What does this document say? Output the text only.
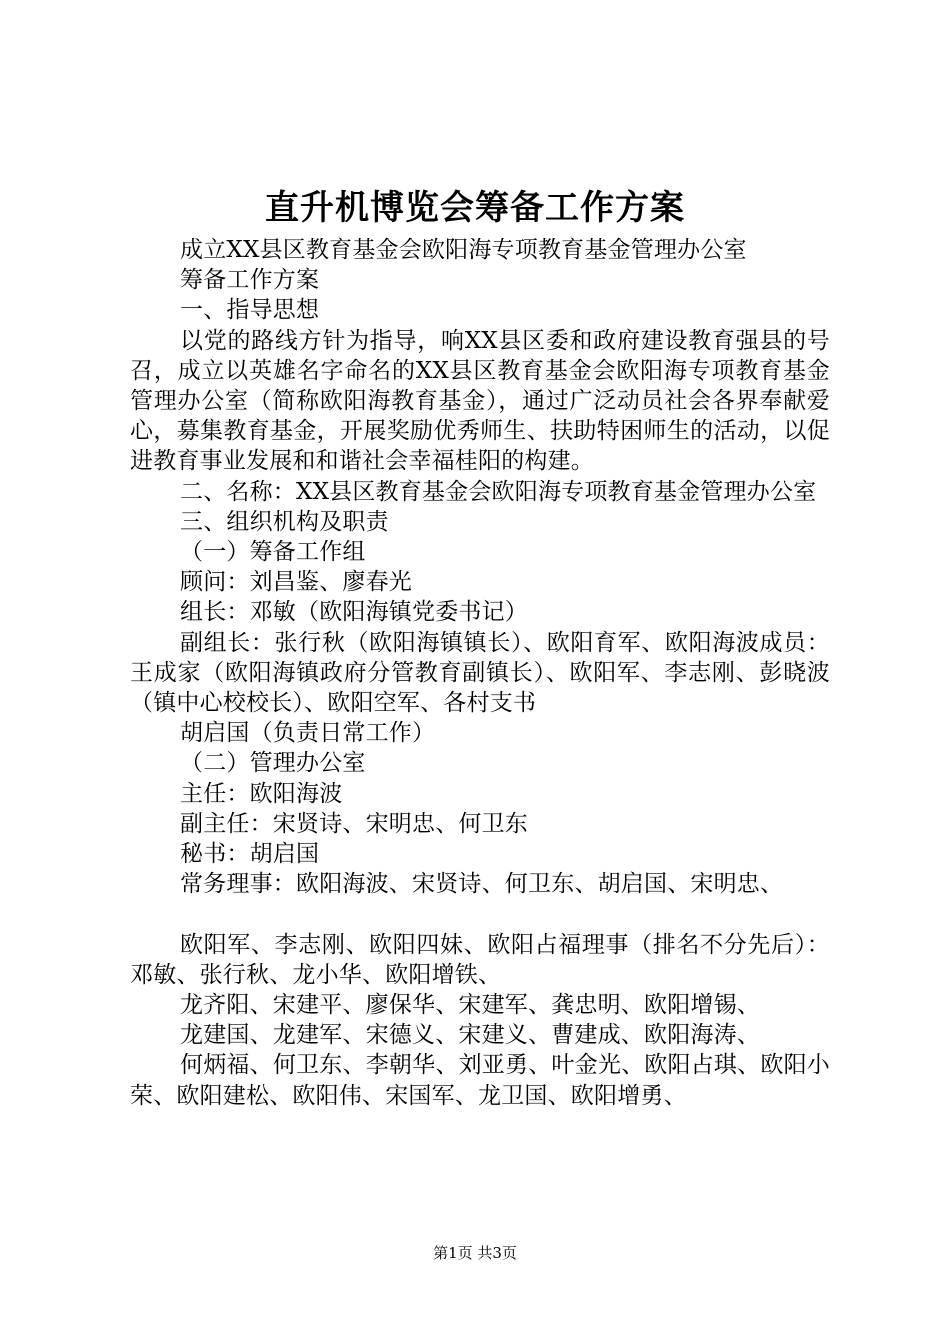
直升机博览会筹备工作方案

成立XX县区教育基金会欧阳海专项教育基金管理办公室

筹备工作方案

一、指导思想

以党的路线方针为指导，响XX县区委和政府建设教育强县的号召，成立以英雄名字命名的XX县区教育基金会欧阳海专项教育基金管理办公室（简称欧阳海教育基金），通过广泛动员社会各界奉献爱心，募集教育基金，开展奖励优秀师生、扶助特困师生的活动，以促进教育事业发展和和谐社会幸福桂阳的构建。

二、名称：XX县区教育基金会欧阳海专项教育基金管理办公室

三、组织机构及职责

（一）筹备工作组

顾问：刘昌鉴、廖春光

组长：邓敏（欧阳海镇党委书记）

副组长：张行秋（欧阳海镇镇长）、欧阳育军、欧阳海波成员：王成家（欧阳海镇政府分管教育副镇长）、欧阳军、李志刚、彭晓波（镇中心校校长）、欧阳空军、各村支书

胡启国（负责日常工作）

（二）管理办公室

主任：欧阳海波

副主任：宋贤诗、宋明忠、何卫东

秘书：胡启国

常务理事：欧阳海波、宋贤诗、何卫东、胡启国、宋明忠、

欧阳军、李志刚、欧阳四妹、欧阳占福理事（排名不分先后）：邓敏、张行秋、龙小华、欧阳增铁、

龙齐阳、宋建平、廖保华、宋建军、龚忠明、欧阳增锡、

龙建国、龙建军、宋德义、宋建义、曹建成、欧阳海涛、

何炳福、何卫东、李朝华、刘亚勇、叶金光、欧阳占琪、欧阳小荣、欧阳建松、欧阳伟、宋国军、龙卫国、欧阳增勇、

第1页 共3页
